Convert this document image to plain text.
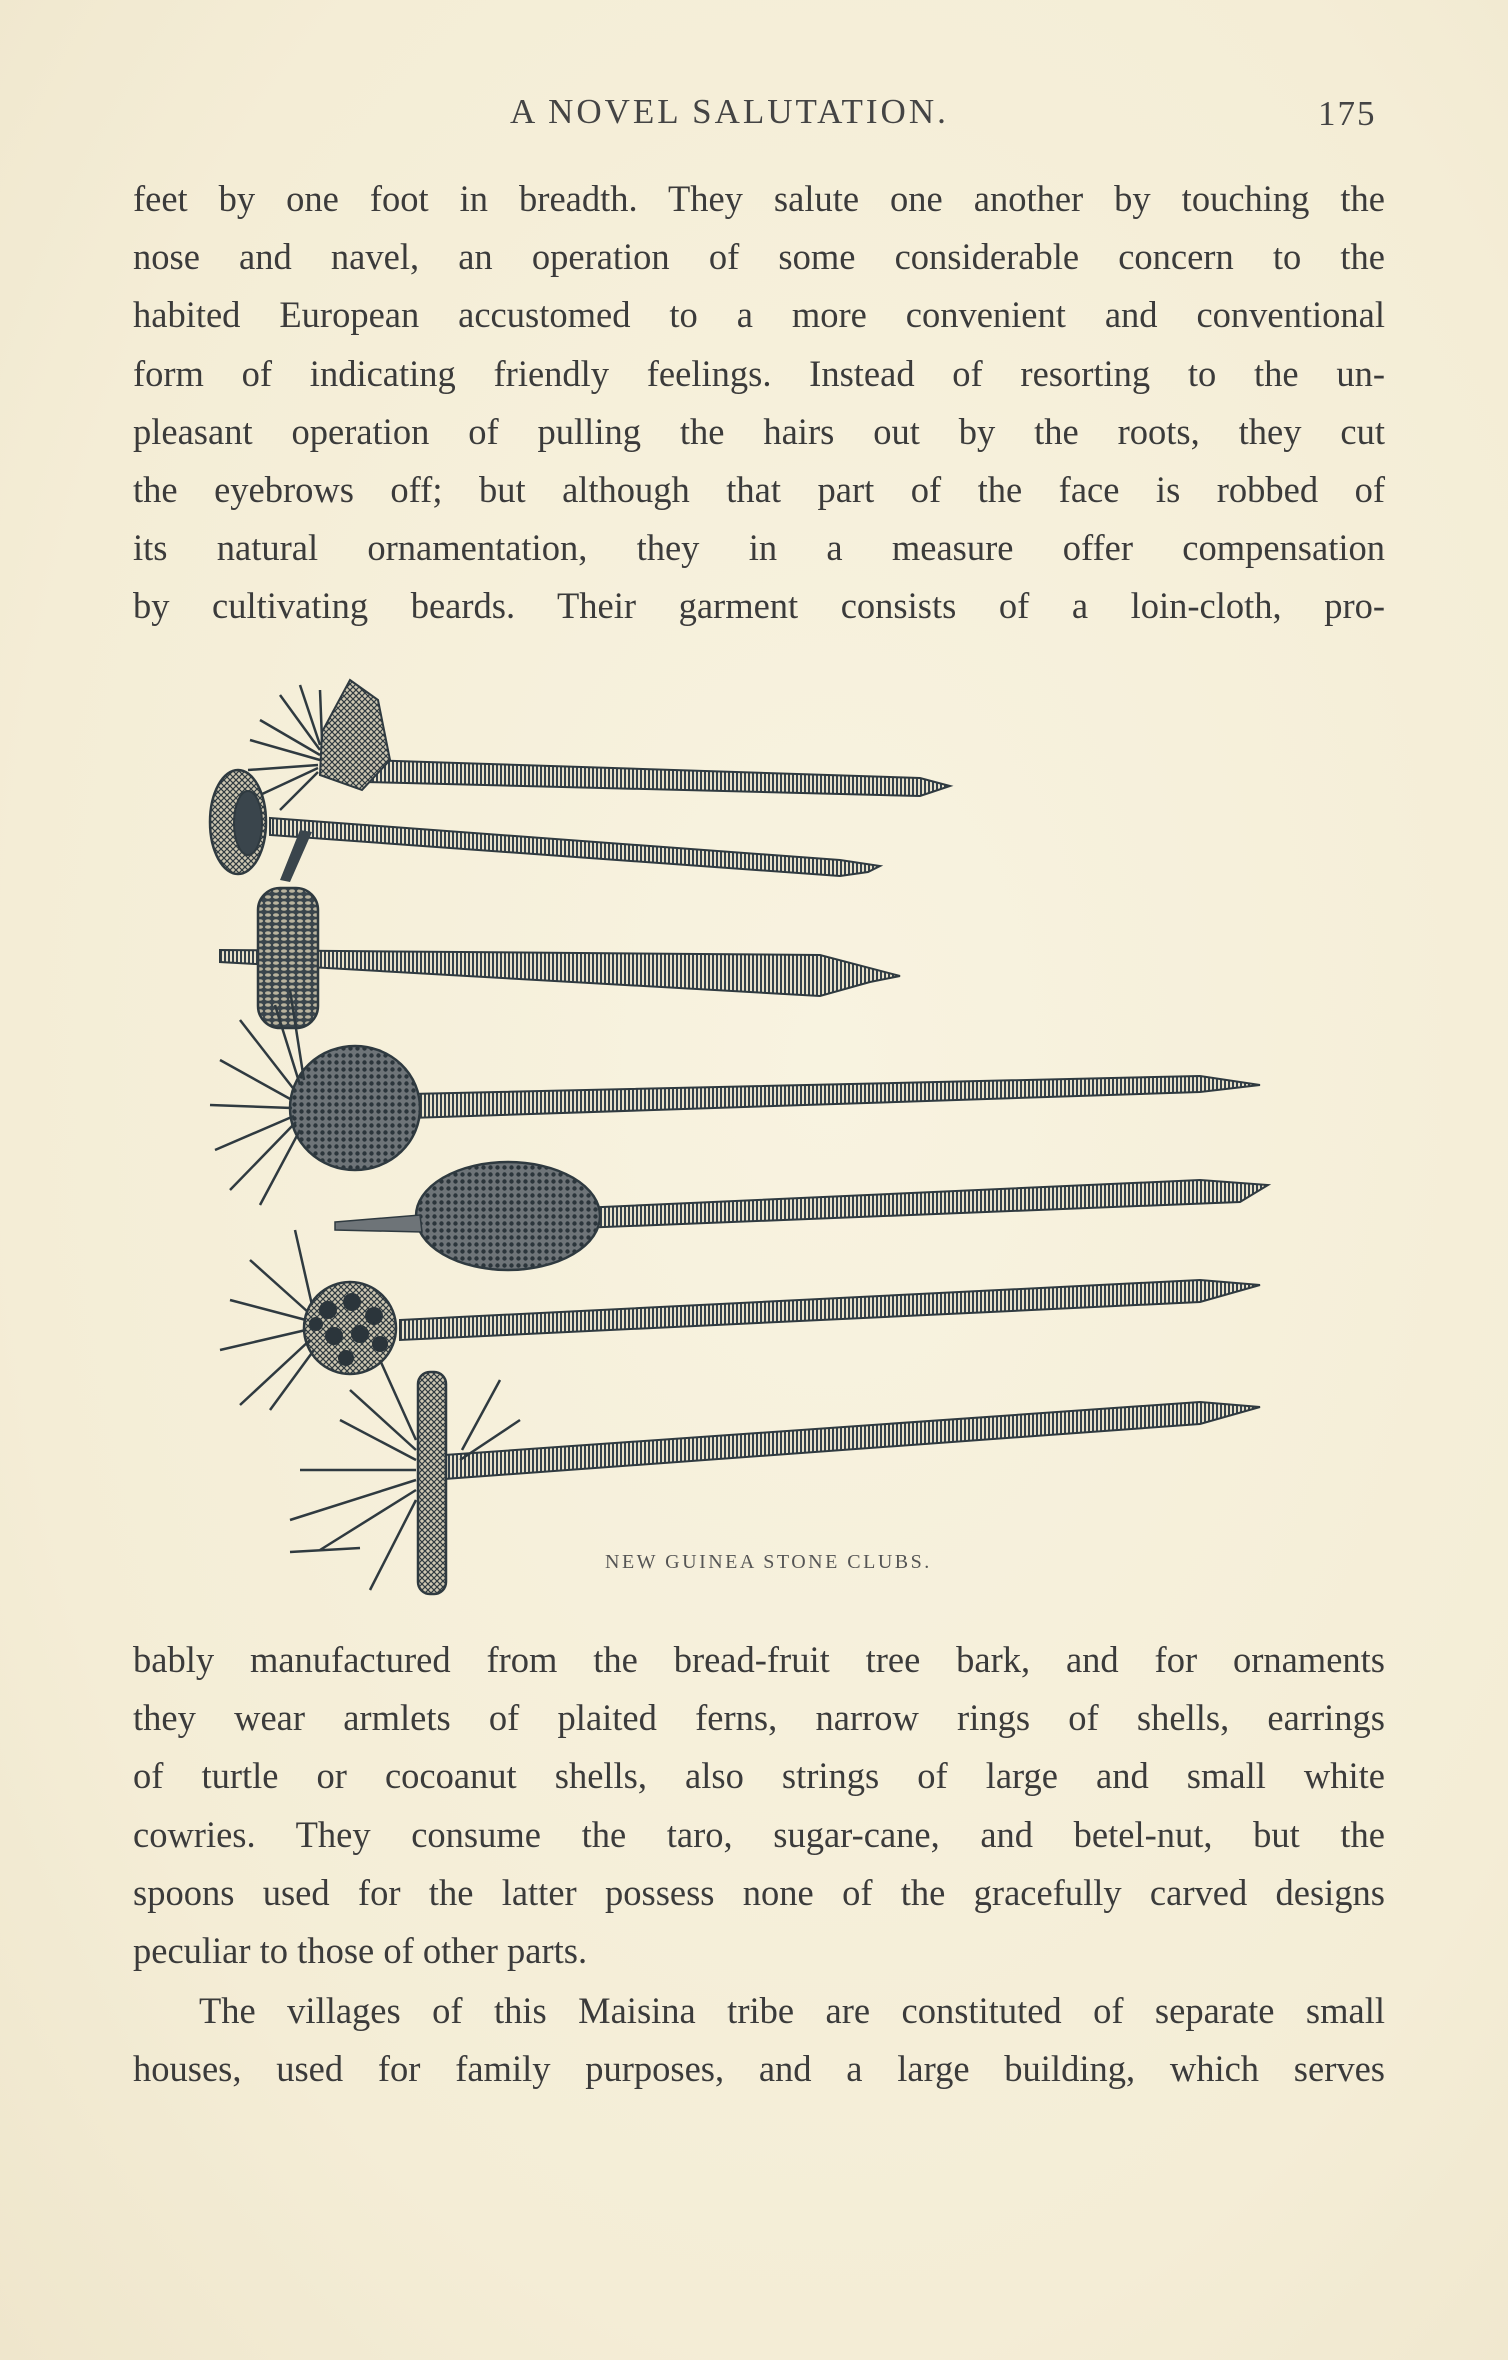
A NOVEL SALUTATION.	175
feet by one foot in breadth. They salute one another by touching the
nose and navel, an operation of some considerable concern to the
habited European accustomed to a more convenient and conventional
form of indicating friendly feelings. Instead of resorting to the un-
pleasant operation of pulling the hairs out by the roots, they cut
the eyebrows off; but although that part of the face is robbed of
its natural ornamentation, they in a measure offer compensation
by cultivating beards. Their garment consists of a loin-cloth, pro-
NEW GUINEA STONE CLUBS.
bably manufactured from the bread-fruit tree bark, and for ornaments
they wear armlets of plaited ferns, narrow rings of shells, earrings
of turtle or cocoanut shells, also strings of large and small white
cowries. They consume the taro, sugar-cane, and betel-nut, but the
spoons used for the latter possess none of the gracefully carved designs
peculiar to those of other parts.
The villages of this Maisina tribe are constituted of separate small
houses, used for family purposes, and a large building, which serves
